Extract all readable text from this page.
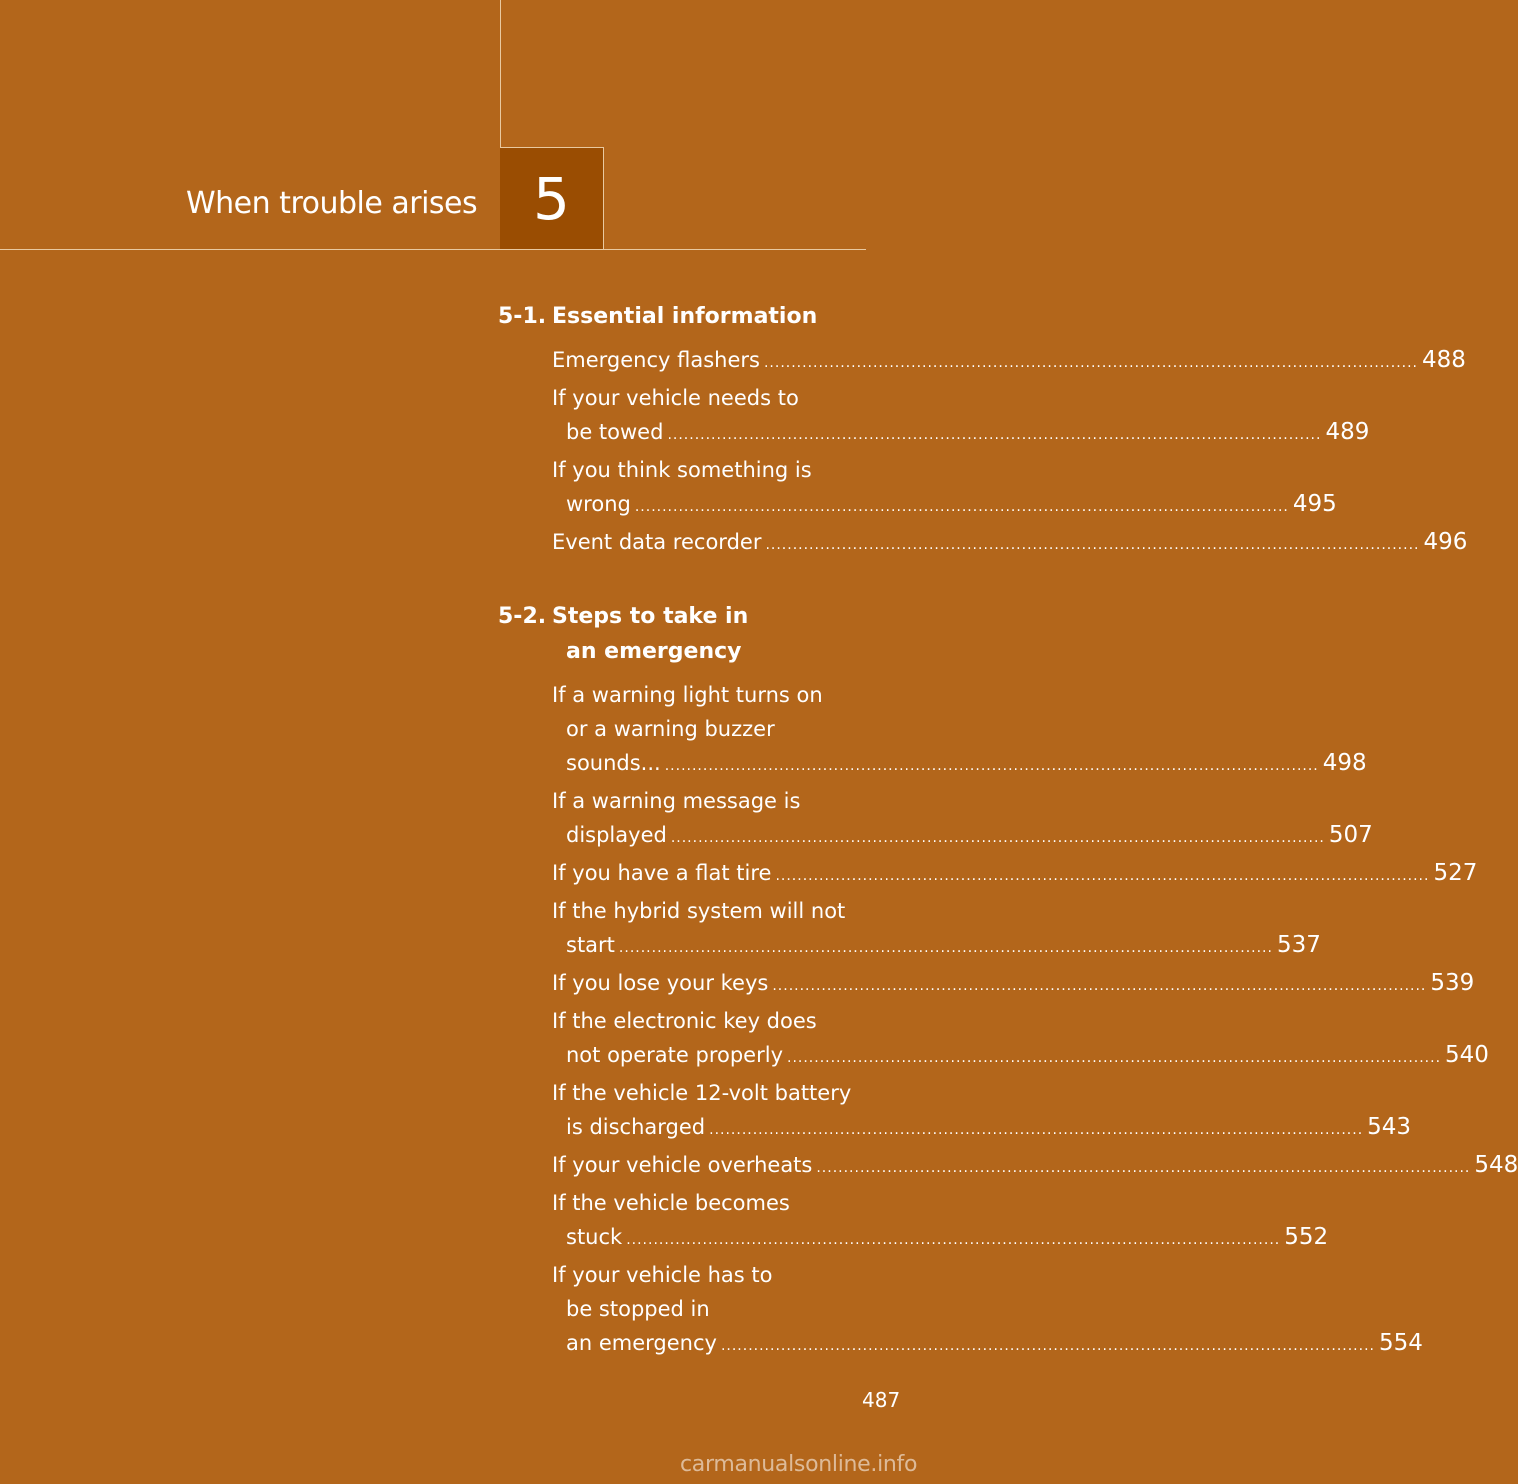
When trouble arises 5
5-1. Essential information
Emergency flashers ........................................................................................................................ 488
If your vehicle needs to
be towed ........................................................................................................................ 489
If you think something is
wrong ........................................................................................................................ 495
Event data recorder ........................................................................................................................ 496
5-2. Steps to take in
an emergency
If a warning light turns on
or a warning buzzer
sounds... ........................................................................................................................ 498
If a warning message is
displayed ........................................................................................................................ 507
If you have a flat tire ........................................................................................................................ 527
If the hybrid system will not
start ........................................................................................................................ 537
If you lose your keys ........................................................................................................................ 539
If the electronic key does
not operate properly ........................................................................................................................ 540
If the vehicle 12-volt battery
is discharged ........................................................................................................................ 543
If your vehicle overheats ........................................................................................................................ 548
If the vehicle becomes
stuck ........................................................................................................................ 552
If your vehicle has to
be stopped in
an emergency ........................................................................................................................ 554
487
carmanualsonline.info
